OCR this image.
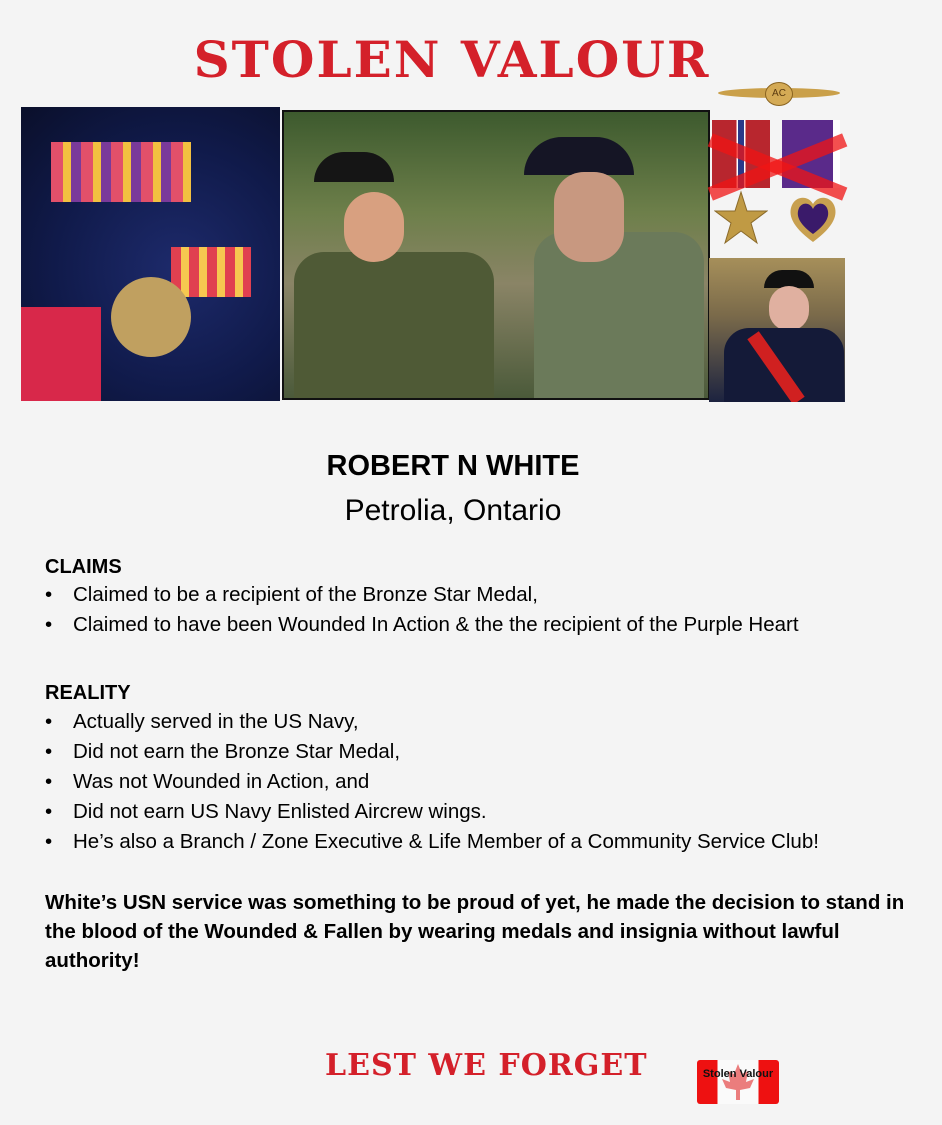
STOLEN VALOUR
AC
ROBERT N WHITE
Petrolia, Ontario
CLAIMS
• Claimed to be a recipient of the Bronze Star Medal,
• Claimed to have been Wounded In Action & the the recipient of the Purple Heart
REALITY
• Actually served in the US Navy,
• Did not earn the Bronze Star Medal,
• Was not Wounded in Action, and
• Did not earn US Navy Enlisted Aircrew wings.
• He’s also a Branch / Zone Executive & Life Member of a Community Service Club!
White’s USN service was something to be proud of yet, he made the decision to stand in the blood of the Wounded & Fallen by wearing medals and insignia without lawful authority!
LEST WE FORGET	Stolen Valour
